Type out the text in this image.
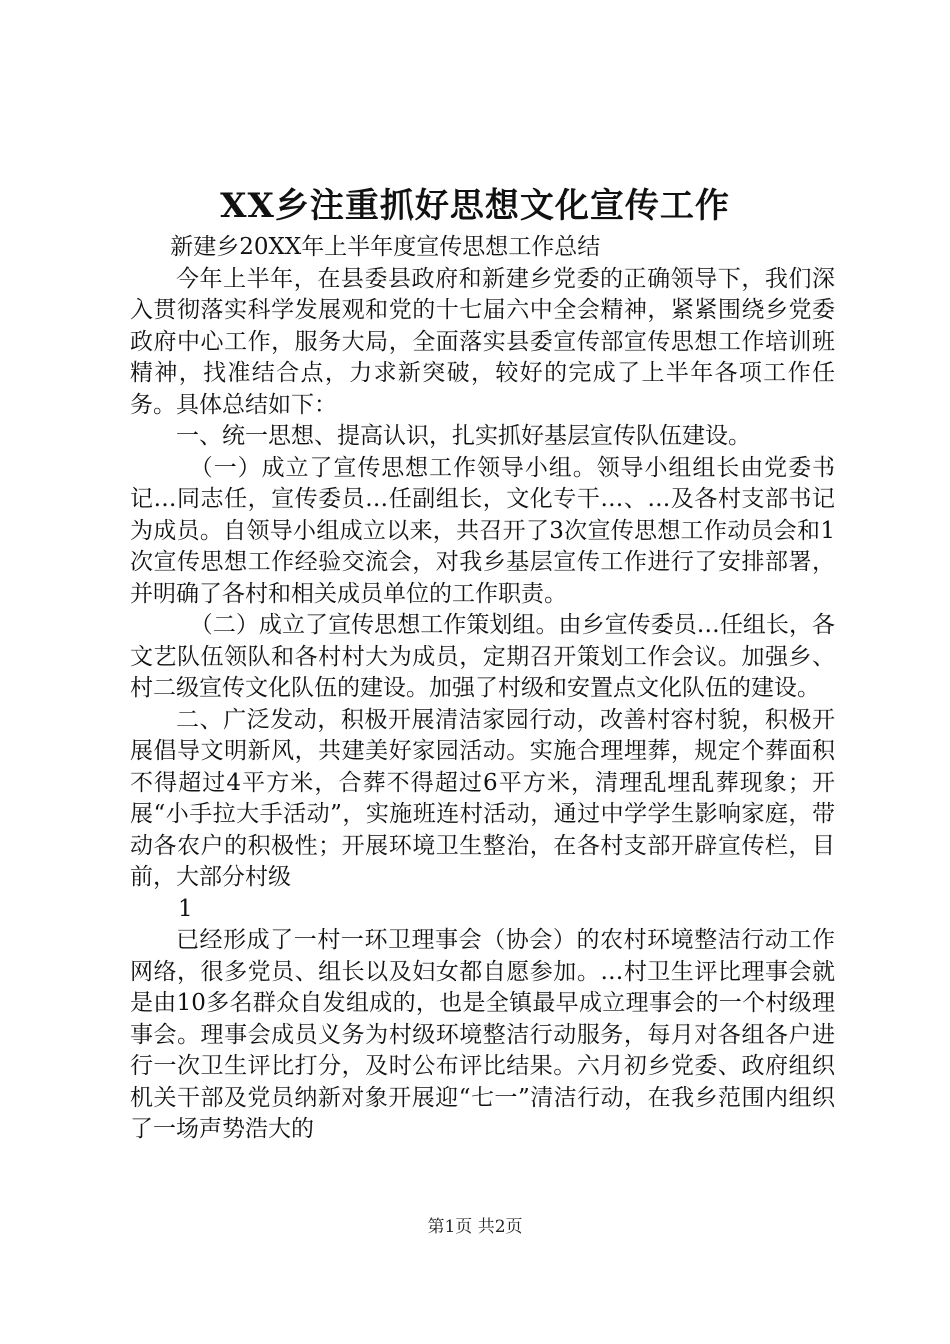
XX乡注重抓好思想文化宣传工作

新建乡20XX年上半年度宣传思想工作总结

今年上半年，在县委县政府和新建乡党委的正确领导下，我们深入贯彻落实科学发展观和党的十七届六中全会精神，紧紧围绕乡党委政府中心工作，服务大局，全面落实县委宣传部宣传思想工作培训班精神，找准结合点，力求新突破，较好的完成了上半年各项工作任务。具体总结如下：

一、统一思想、提高认识，扎实抓好基层宣传队伍建设。

（一）成立了宣传思想工作领导小组。领导小组组长由党委书记…同志任，宣传委员…任副组长，文化专干…、…及各村支部书记为成员。自领导小组成立以来，共召开了3次宣传思想工作动员会和1次宣传思想工作经验交流会，对我乡基层宣传工作进行了安排部署，并明确了各村和相关成员单位的工作职责。

（二）成立了宣传思想工作策划组。由乡宣传委员…任组长，各文艺队伍领队和各村村大为成员，定期召开策划工作会议。加强乡、村二级宣传文化队伍的建设。加强了村级和安置点文化队伍的建设。

二、广泛发动，积极开展清洁家园行动，改善村容村貌，积极开展倡导文明新风，共建美好家园活动。实施合理埋葬，规定个葬面积不得超过4平方米，合葬不得超过6平方米，清理乱埋乱葬现象；开展“小手拉大手活动”，实施班连村活动，通过中学学生影响家庭，带动各农户的积极性；开展环境卫生整治，在各村支部开辟宣传栏，目前，大部分村级

1

已经形成了一村一环卫理事会（协会）的农村环境整洁行动工作网络，很多党员、组长以及妇女都自愿参加。…村卫生评比理事会就是由10多名群众自发组成的，也是全镇最早成立理事会的一个村级理事会。理事会成员义务为村级环境整洁行动服务，每月对各组各户进行一次卫生评比打分，及时公布评比结果。六月初乡党委、政府组织机关干部及党员纳新对象开展迎“七一”清洁行动，在我乡范围内组织了一场声势浩大的

第1页 共2页
